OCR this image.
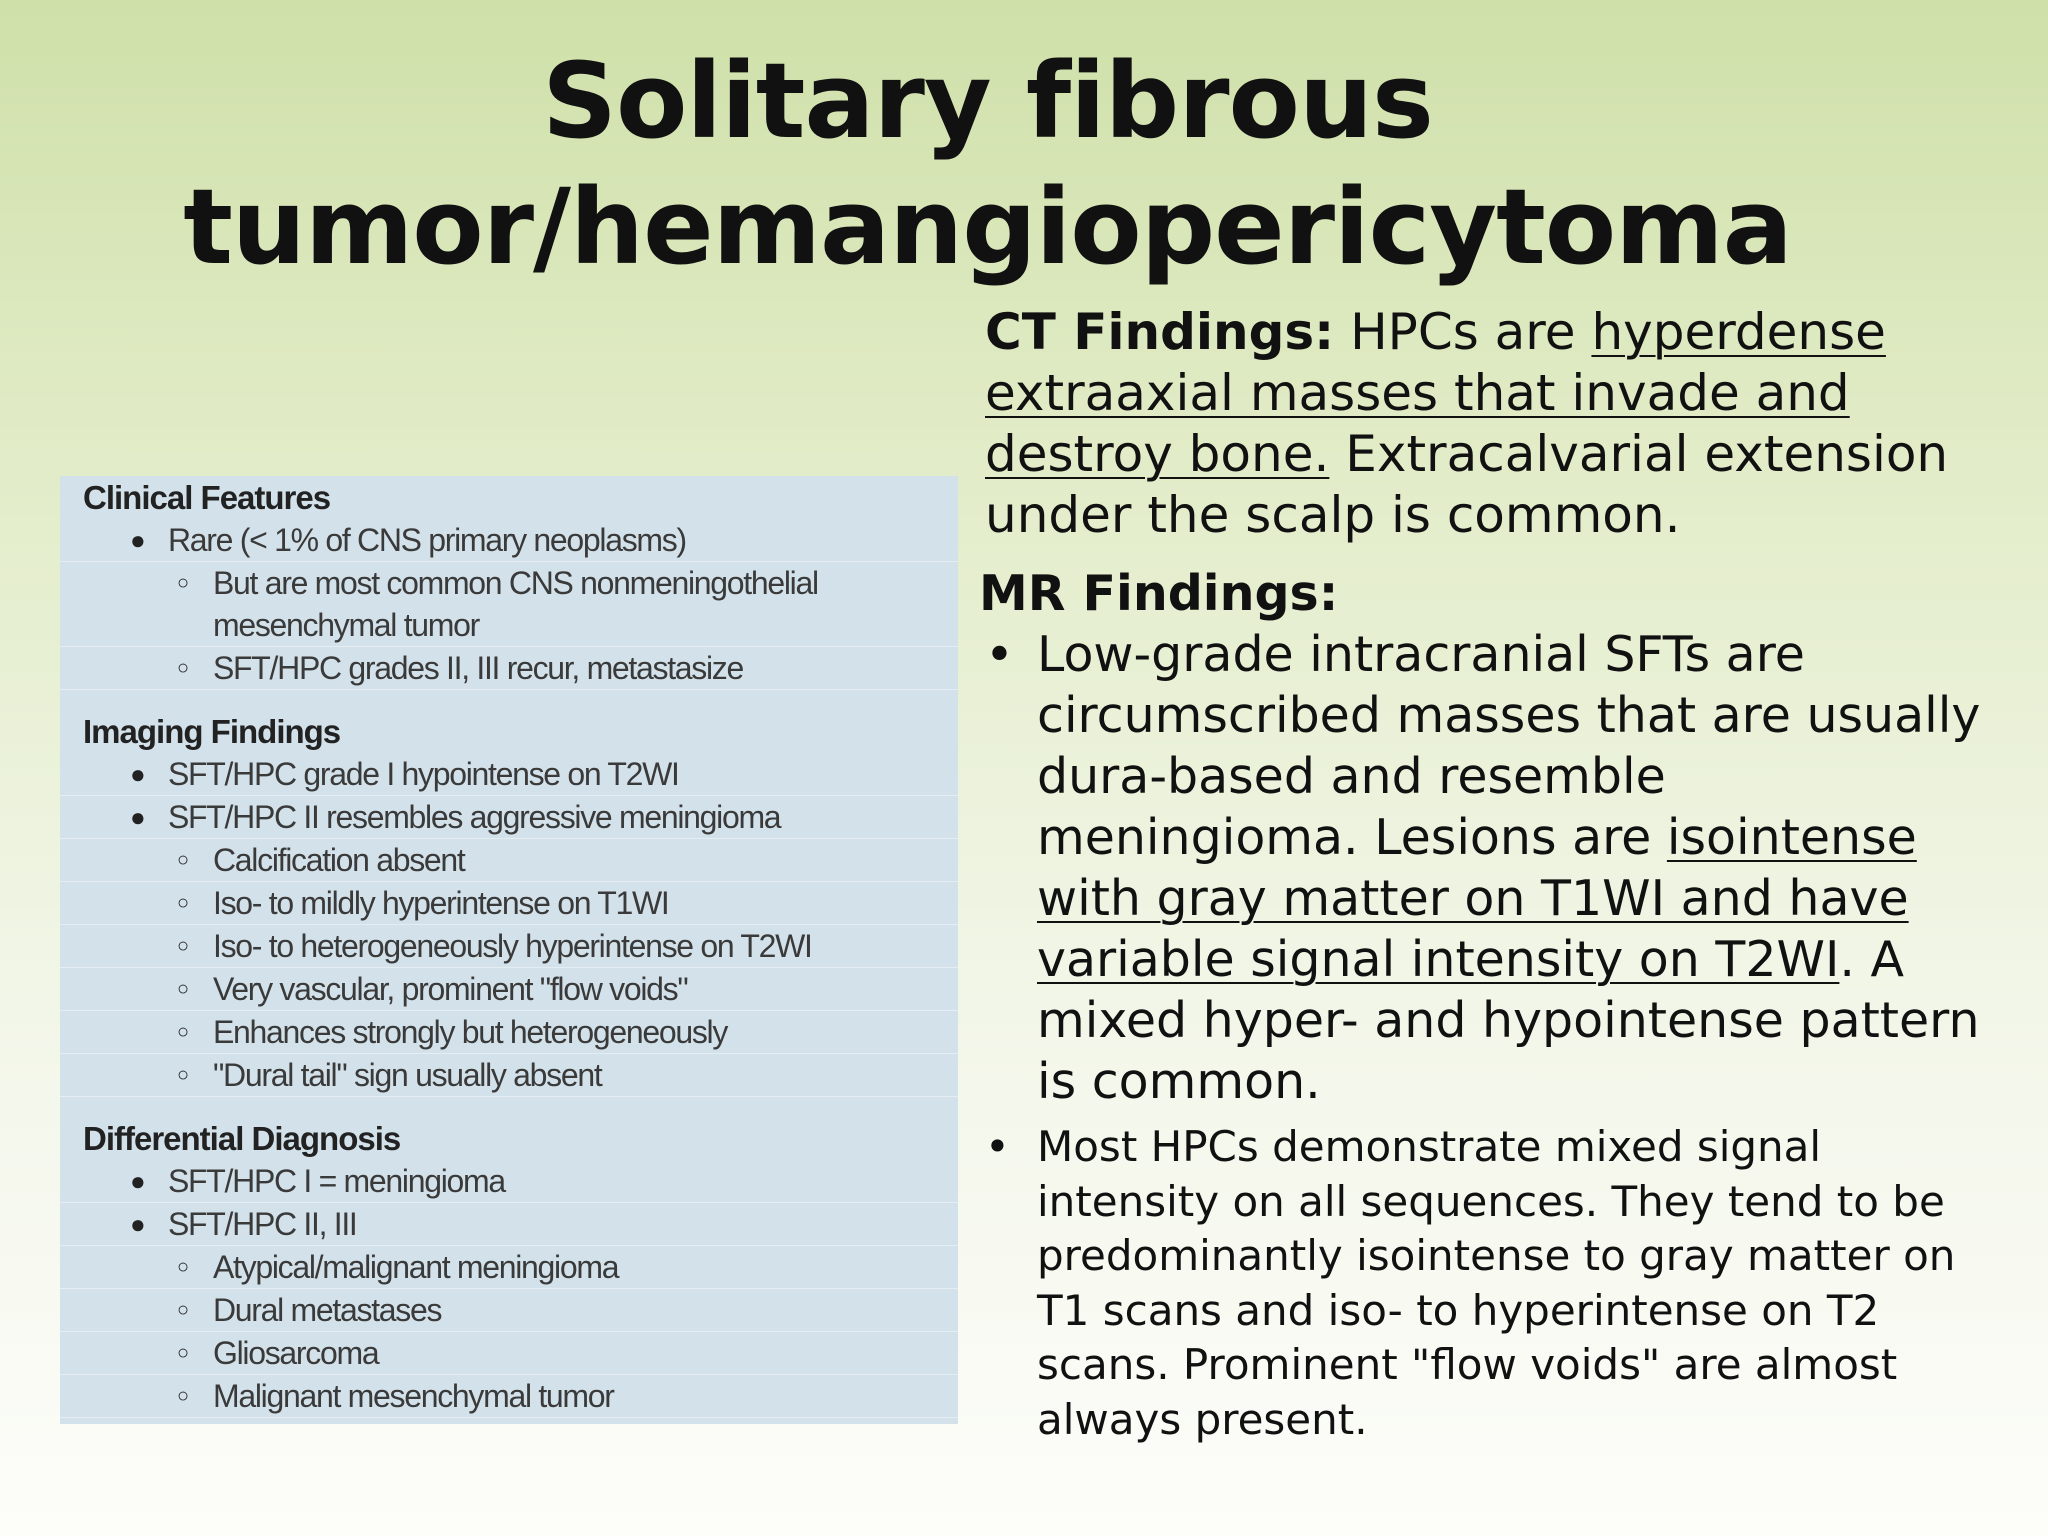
Solitary fibrous
tumor/hemangiopericytoma
Clinical Features
● Rare (< 1% of CNS primary neoplasms)
○ But are most common CNS nonmeningothelial
mesenchymal tumor
○ SFT/HPC grades II, III recur, metastasize
Imaging Findings
● SFT/HPC grade I hypointense on T2WI
● SFT/HPC II resembles aggressive meningioma
○ Calcification absent
○ Iso- to mildly hyperintense on T1WI
○ Iso- to heterogeneously hyperintense on T2WI
○ Very vascular, prominent "flow voids"
○ Enhances strongly but heterogeneously
○ "Dural tail" sign usually absent
Differential Diagnosis
● SFT/HPC I = meningioma
● SFT/HPC II, III
○ Atypical/malignant meningioma
○ Dural metastases
○ Gliosarcoma
○ Malignant mesenchymal tumor

CT Findings: HPCs are hyperdense extraaxial masses that invade and destroy bone. Extracalvarial extension under the scalp is common.

MR Findings:
• Low-grade intracranial SFTs are circumscribed masses that are usually dura-based and resemble meningioma. Lesions are isointense with gray matter on T1WI and have variable signal intensity on T2WI. A mixed hyper- and hypointense pattern is common.
• Most HPCs demonstrate mixed signal intensity on all sequences. They tend to be predominantly isointense to gray matter on T1 scans and iso- to hyperintense on T2 scans. Prominent "flow voids" are almost always present.
